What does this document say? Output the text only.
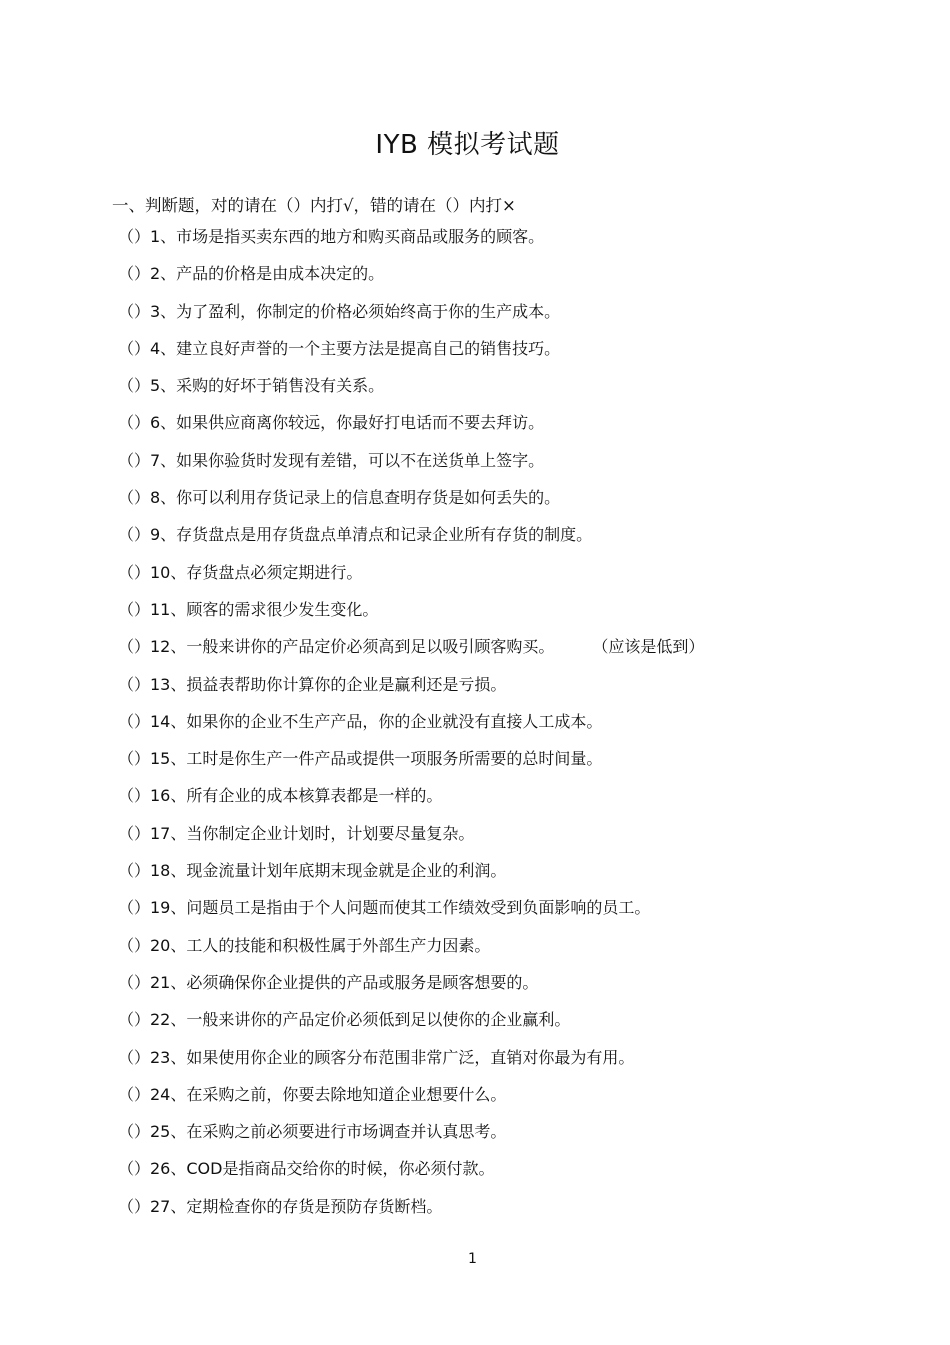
IYB 模拟考试题
一、判断题，对的请在（）内打√，错的请在（）内打×
（）1、市场是指买卖东西的地方和购买商品或服务的顾客。
（）2、产品的价格是由成本决定的。
（）3、为了盈利，你制定的价格必须始终高于你的生产成本。
（）4、建立良好声誉的一个主要方法是提高自己的销售技巧。
（）5、采购的好坏于销售没有关系。
（）6、如果供应商离你较远，你最好打电话而不要去拜访。
（）7、如果你验货时发现有差错，可以不在送货单上签字。
（）8、你可以利用存货记录上的信息查明存货是如何丢失的。
（）9、存货盘点是用存货盘点单清点和记录企业所有存货的制度。
（）10、存货盘点必须定期进行。
（）11、顾客的需求很少发生变化。
（）12、一般来讲你的产品定价必须高到足以吸引顾客购买。 （应该是低到）
（）13、损益表帮助你计算你的企业是赢利还是亏损。
（）14、如果你的企业不生产产品，你的企业就没有直接人工成本。
（）15、工时是你生产一件产品或提供一项服务所需要的总时间量。
（）16、所有企业的成本核算表都是一样的。
（）17、当你制定企业计划时，计划要尽量复杂。
（）18、现金流量计划年底期末现金就是企业的利润。
（）19、问题员工是指由于个人问题而使其工作绩效受到负面影响的员工。
（）20、工人的技能和积极性属于外部生产力因素。
（）21、必须确保你企业提供的产品或服务是顾客想要的。
（）22、一般来讲你的产品定价必须低到足以使你的企业赢利。
（）23、如果使用你企业的顾客分布范围非常广泛，直销对你最为有用。
（）24、在采购之前，你要去除地知道企业想要什么。
（）25、在采购之前必须要进行市场调查并认真思考。
（）26、COD是指商品交给你的时候，你必须付款。
（）27、定期检查你的存货是预防存货断档。
1
